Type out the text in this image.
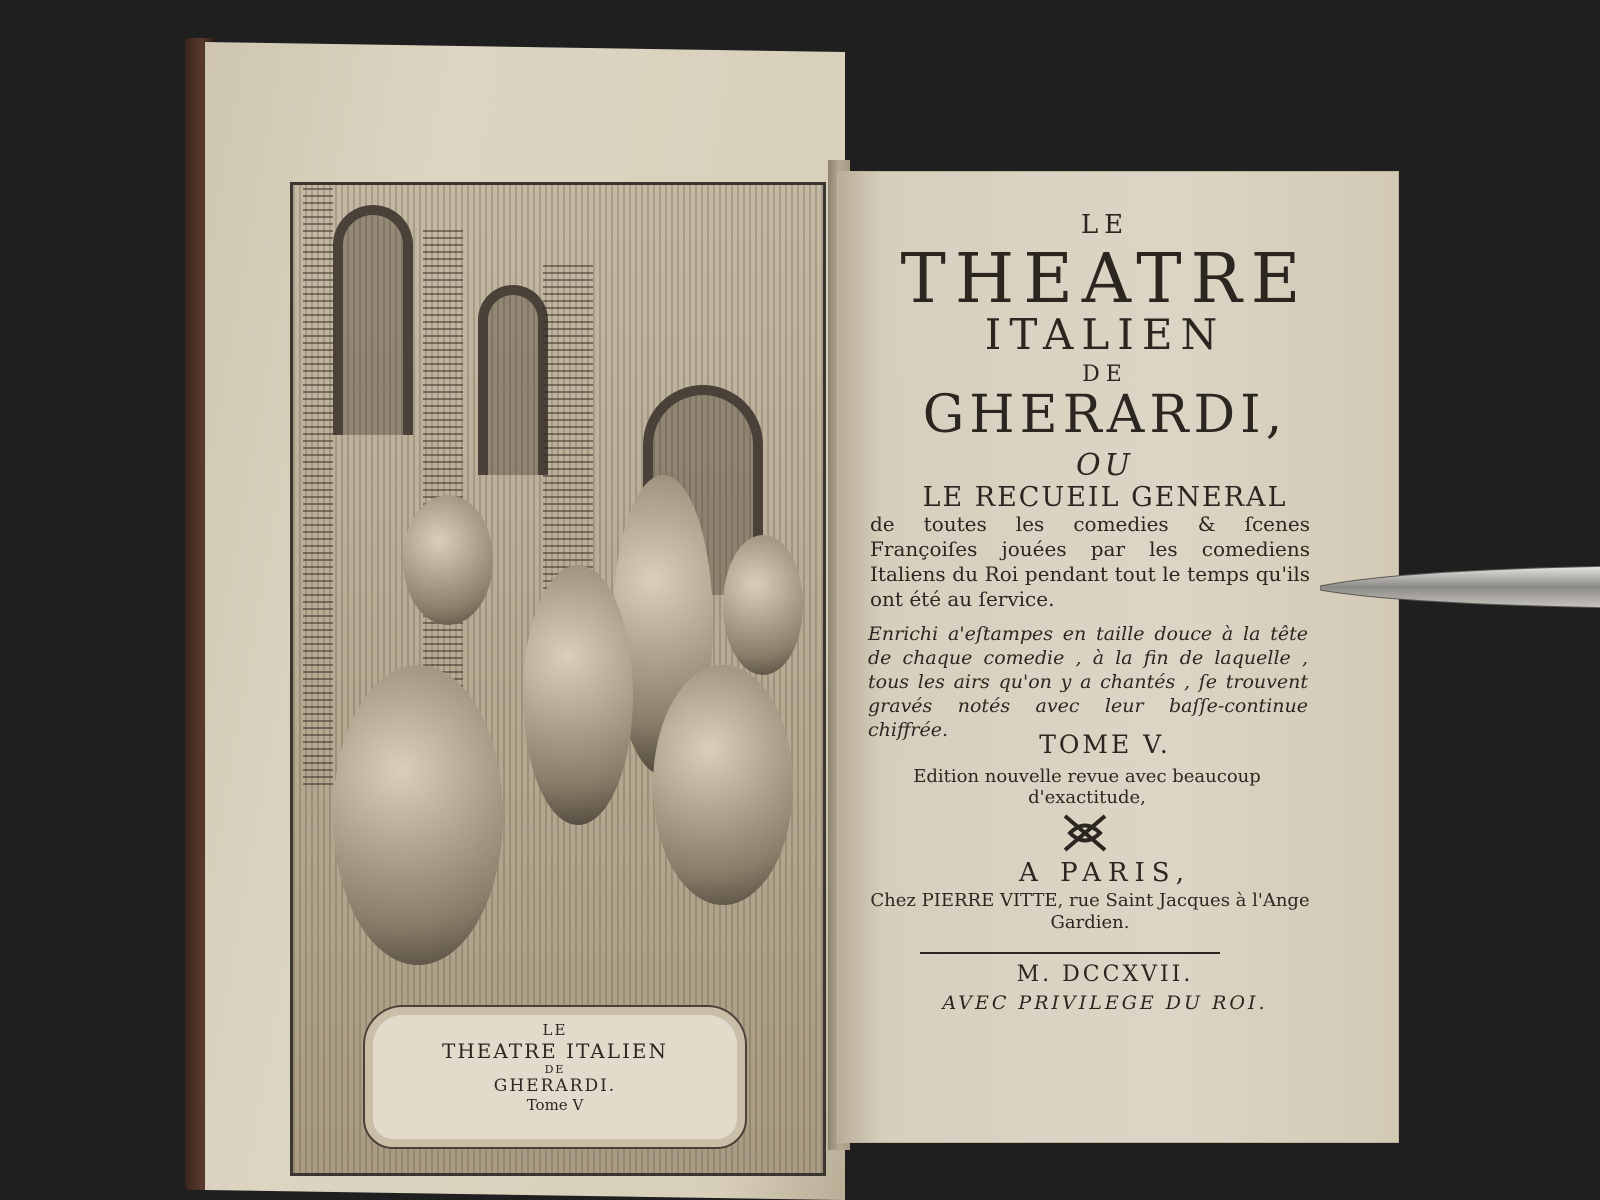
LE
THEATRE ITALIEN
DE
GHERARDI.
Tome V
LE
THEATRE
ITALIEN
DE
GHERARDI,
OU
LE RECUEIL GENERAL
de toutes les comedies & ſcenes Françoiſes jouées par les comediens Italiens du Roi pendant tout le temps qu'ils ont été au ſervice.
Enrichi a'eſtampes en taille douce à la tête de chaque comedie , à la fin de laquelle , tous les airs qu'on y a chantés , ſe trouvent gravés notés avec leur baſſe-continue chiffrée.	TOME V.
Edition nouvelle revue avec beaucoup d'exactitude,
A PARIS,
Chez PIERRE VITTE, rue Saint Jacques à l'Ange Gardien.
M. DCCXVII.
AVEC PRIVILEGE DU ROI.
